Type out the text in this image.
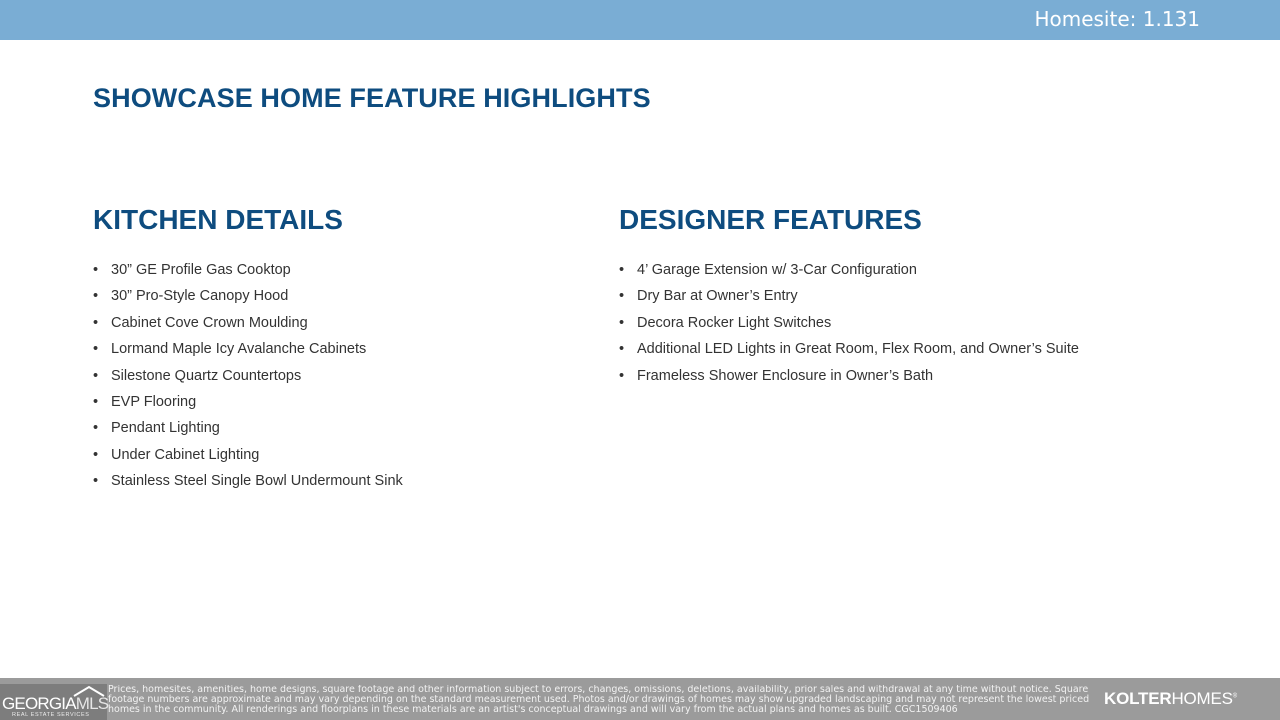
Homesite: 1.131
SHOWCASE HOME FEATURE HIGHLIGHTS
KITCHEN DETAILS
• 30” GE Profile Gas Cooktop
• 30” Pro-Style Canopy Hood
• Cabinet Cove Crown Moulding
• Lormand Maple Icy Avalanche Cabinets
• Silestone Quartz Countertops
• EVP Flooring
• Pendant Lighting
• Under Cabinet Lighting
• Stainless Steel Single Bowl Undermount Sink
DESIGNER FEATURES
• 4’ Garage Extension w/ 3-Car Configuration
• Dry Bar at Owner’s Entry
• Decora Rocker Light Switches
• Additional LED Lights in Great Room, Flex Room, and Owner’s Suite
• Frameless Shower Enclosure in Owner’s Bath
GEORGIAMLS
REAL ESTATE SERVICES
Prices, homesites, amenities, home designs, square footage and other information subject to errors, changes, omissions, deletions, availability, prior sales and withdrawal at any time without notice. Square footage numbers are approximate and may vary depending on the standard measurement used. Photos and/or drawings of homes may show upgraded landscaping and may not represent the lowest priced homes in the community. All renderings and floorplans in these materials are an artist's conceptual drawings and will vary from the actual plans and homes as built. CGC1509406
KOLTERHOMES®
